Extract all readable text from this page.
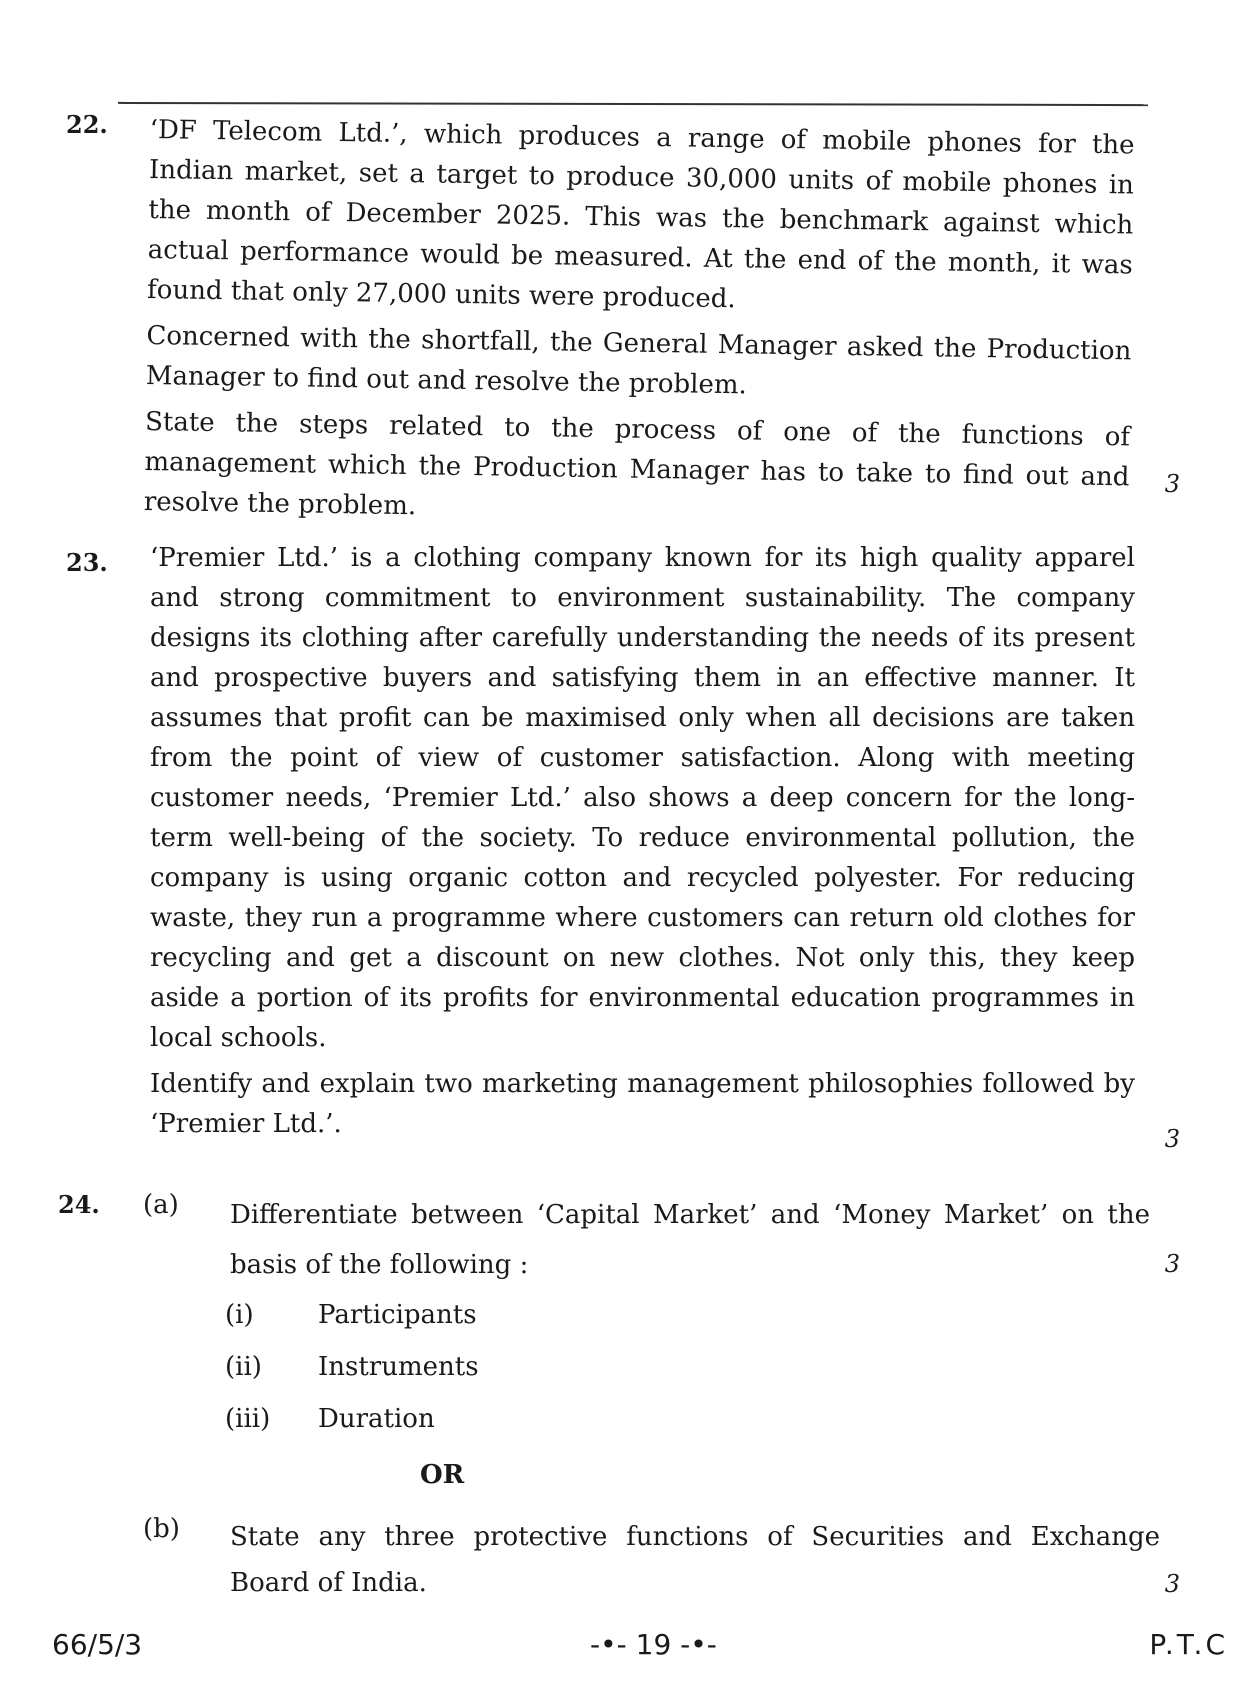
22. ‘DF Telecom Ltd.’, which produces a range of mobile phones for the Indian market, set a target to produce 30,000 units of mobile phones in the month of December 2025. This was the benchmark against which actual performance would be measured. At the end of the month, it was found that only 27,000 units were produced.

Concerned with the shortfall, the General Manager asked the Production Manager to find out and resolve the problem.

State the steps related to the process of one of the functions of management which the Production Manager has to take to find out and resolve the problem.

3
23. ‘Premier Ltd.’ is a clothing company known for its high quality apparel and strong commitment to environment sustainability. The company designs its clothing after carefully understanding the needs of its present and prospective buyers and satisfying them in an effective manner. It assumes that profit can be maximised only when all decisions are taken from the point of view of customer satisfaction. Along with meeting customer needs, ‘Premier Ltd.’ also shows a deep concern for the long-term well-being of the society. To reduce environmental pollution, the company is using organic cotton and recycled polyester. For reducing waste, they run a programme where customers can return old clothes for recycling and get a discount on new clothes. Not only this, they keep aside a portion of its profits for environmental education programmes in local schools.

Identify and explain two marketing management philosophies followed by ‘Premier Ltd.’.	3
24. (a) Differentiate between ‘Capital Market’ and ‘Money Market’ on the basis of the following :	3
(i) Participants
(ii) Instruments
(iii) Duration
OR
(b) State any three protective functions of Securities and Exchange Board of India.	3
66/5/3	-•- 19 -•-	P.T.C
